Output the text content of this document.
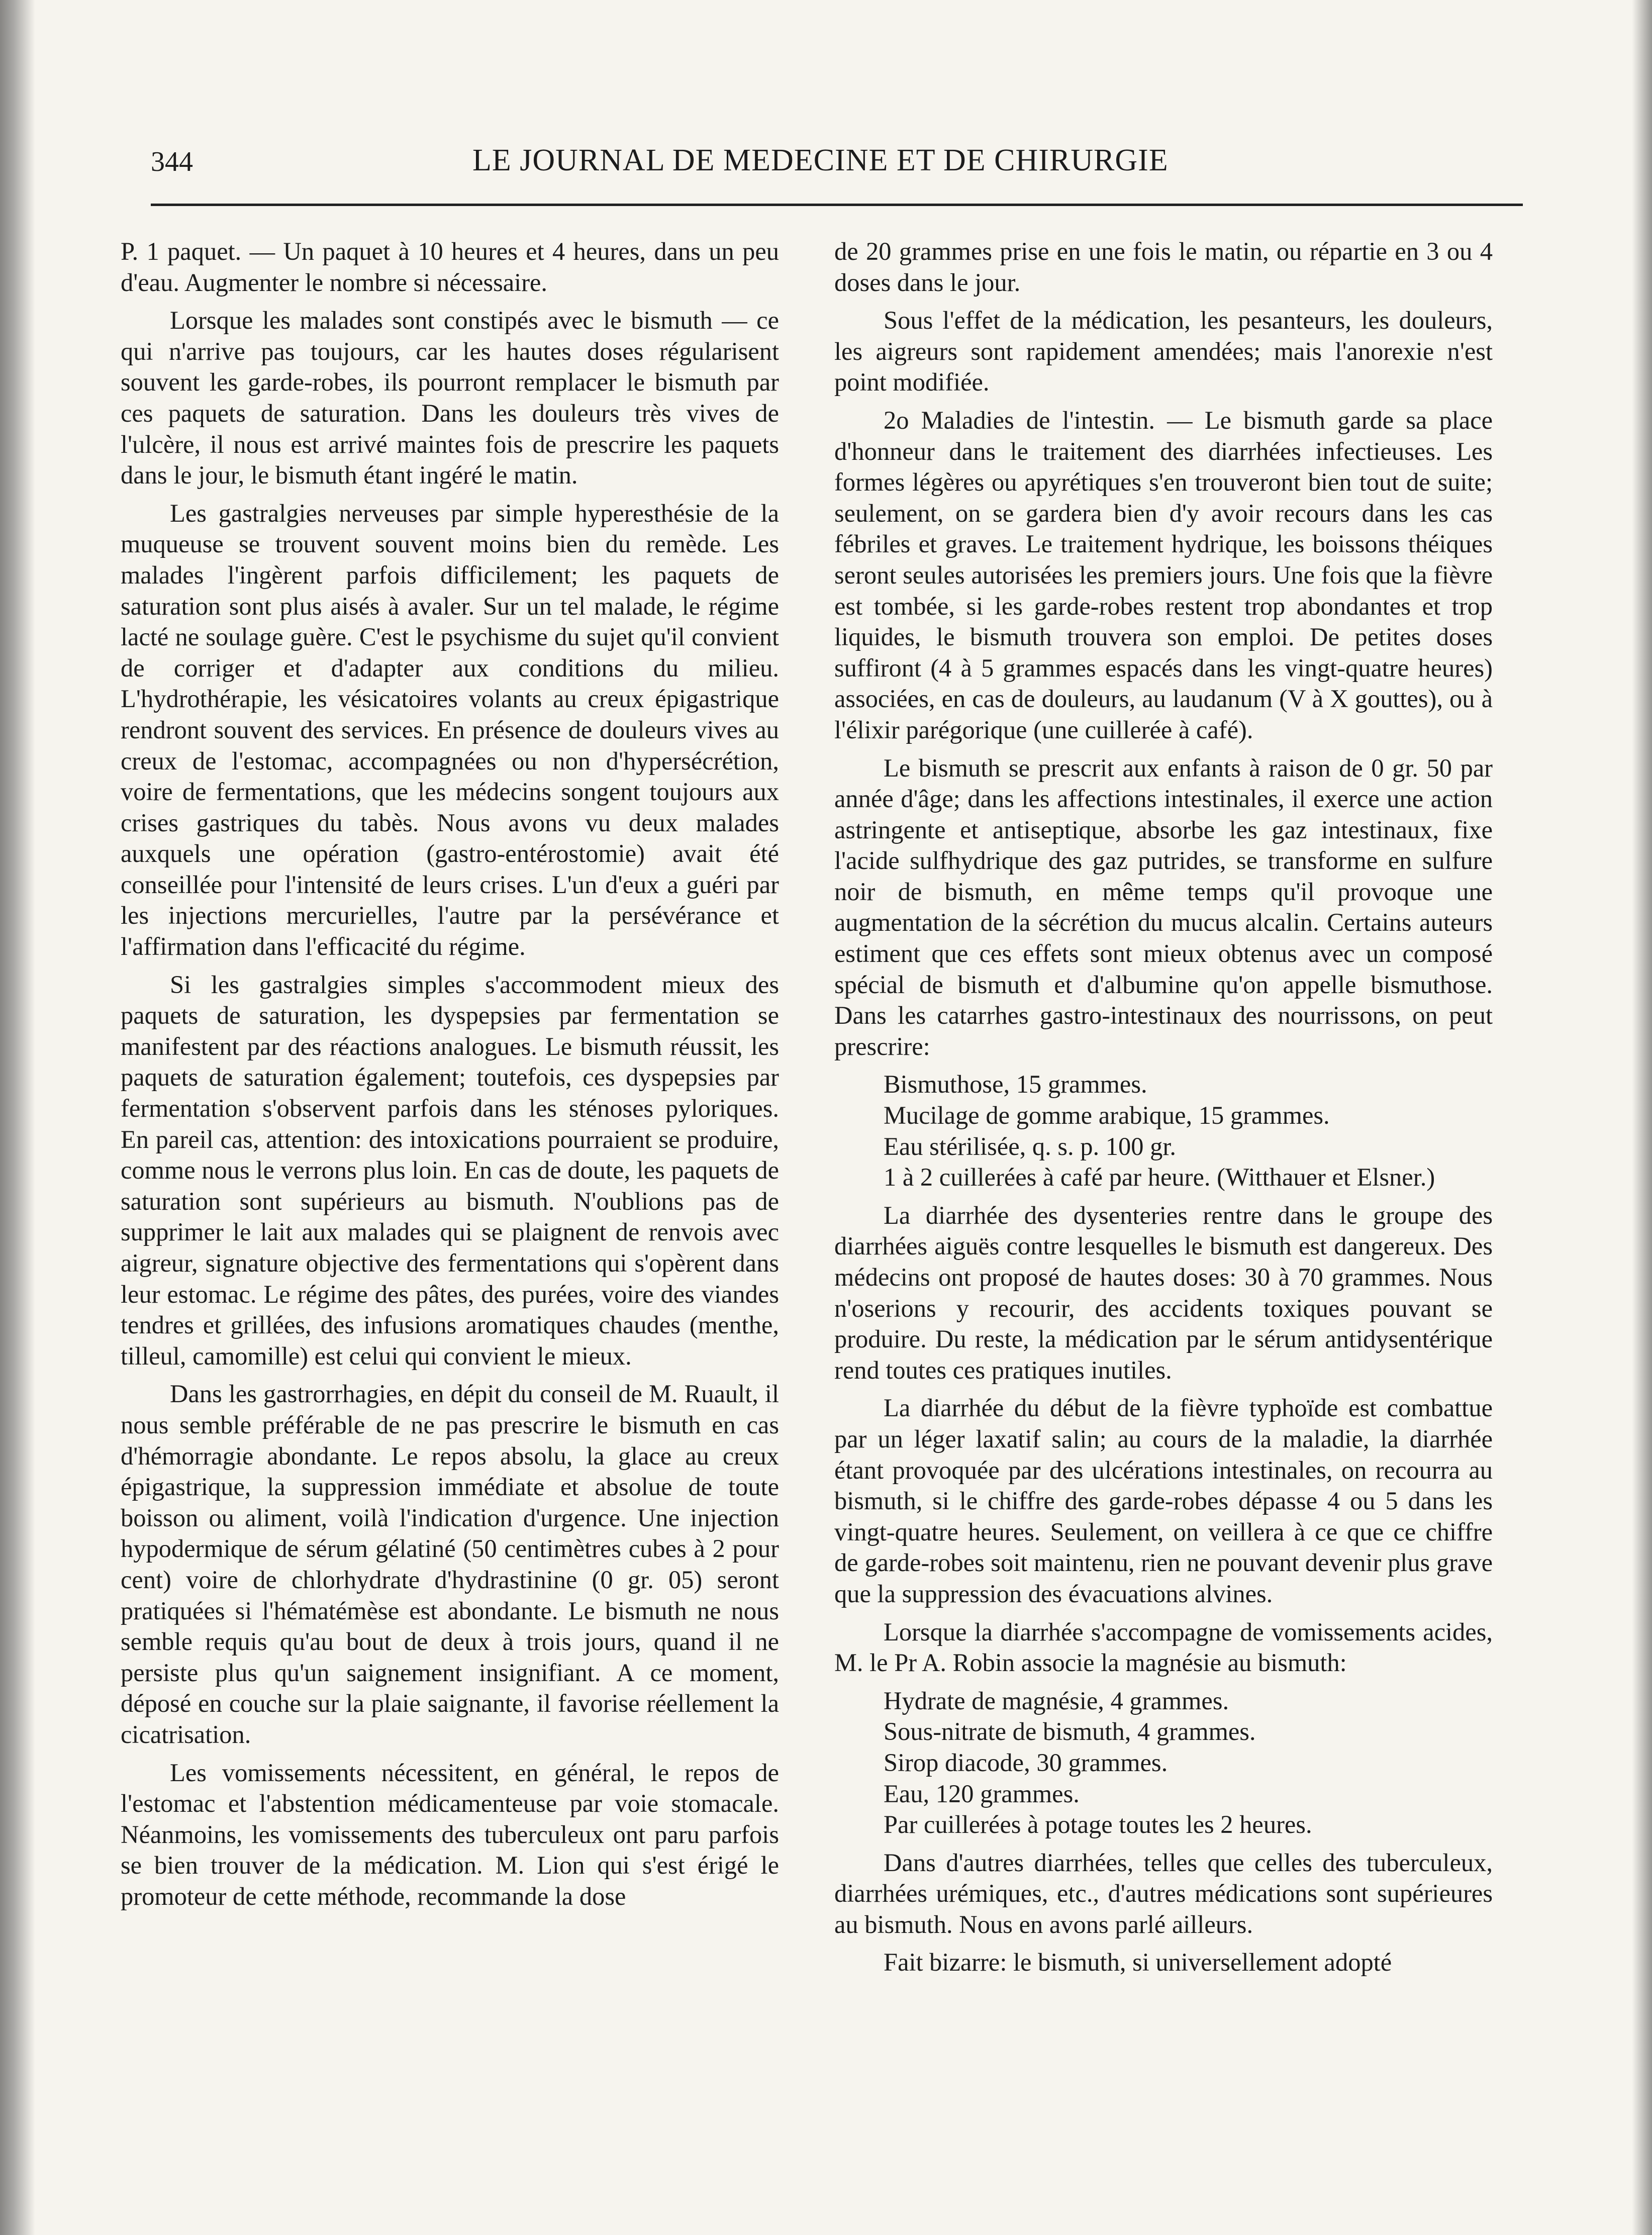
344	LE JOURNAL DE MEDECINE ET DE CHIRURGIE

P. 1 paquet. — Un paquet à 10 heures et 4 heures, dans un peu d'eau. Augmenter le nombre si nécessaire.

Lorsque les malades sont constipés avec le bismuth — ce qui n'arrive pas toujours, car les hautes doses régularisent souvent les garde-robes, ils pourront remplacer le bismuth par ces paquets de saturation. Dans les douleurs très vives de l'ulcère, il nous est arrivé maintes fois de prescrire les paquets dans le jour, le bismuth étant ingéré le matin.

Les gastralgies nerveuses par simple hyperesthésie de la muqueuse se trouvent souvent moins bien du remède. Les malades l'ingèrent parfois difficilement; les paquets de saturation sont plus aisés à avaler. Sur un tel malade, le régime lacté ne soulage guère. C'est le psychisme du sujet qu'il convient de corriger et d'adapter aux conditions du milieu. L'hydrothérapie, les vésicatoires volants au creux épigastrique rendront souvent des services. En présence de douleurs vives au creux de l'estomac, accompagnées ou non d'hypersécrétion, voire de fermentations, que les médecins songent toujours aux crises gastriques du tabès. Nous avons vu deux malades auxquels une opération (gastro-entérostomie) avait été conseillée pour l'intensité de leurs crises. L'un d'eux a guéri par les injections mercurielles, l'autre par la persévérance et l'affirmation dans l'efficacité du régime.

Si les gastralgies simples s'accommodent mieux des paquets de saturation, les dyspepsies par fermentation se manifestent par des réactions analogues. Le bismuth réussit, les paquets de saturation également; toutefois, ces dyspepsies par fermentation s'observent parfois dans les sténoses pyloriques. En pareil cas, attention: des intoxications pourraient se produire, comme nous le verrons plus loin. En cas de doute, les paquets de saturation sont supérieurs au bismuth. N'oublions pas de supprimer le lait aux malades qui se plaignent de renvois avec aigreur, signature objective des fermentations qui s'opèrent dans leur estomac. Le régime des pâtes, des purées, voire des viandes tendres et grillées, des infusions aromatiques chaudes (menthe, tilleul, camomille) est celui qui convient le mieux.

Dans les gastrorrhagies, en dépit du conseil de M. Ruault, il nous semble préférable de ne pas prescrire le bismuth en cas d'hémorragie abondante. Le repos absolu, la glace au creux épigastrique, la suppression immédiate et absolue de toute boisson ou aliment, voilà l'indication d'urgence. Une injection hypodermique de sérum gélatiné (50 centimètres cubes à 2 pour cent) voire de chlorhydrate d'hydrastinine (0 gr. 05) seront pratiquées si l'hématémèse est abondante. Le bismuth ne nous semble requis qu'au bout de deux à trois jours, quand il ne persiste plus qu'un saignement insignifiant. A ce moment, déposé en couche sur la plaie saignante, il favorise réellement la cicatrisation.

Les vomissements nécessitent, en général, le repos de l'estomac et l'abstention médicamenteuse par voie stomacale. Néanmoins, les vomissements des tuberculeux ont paru parfois se bien trouver de la médication. M. Lion qui s'est érigé le promoteur de cette méthode, recommande la dose

de 20 grammes prise en une fois le matin, ou répartie en 3 ou 4 doses dans le jour.

Sous l'effet de la médication, les pesanteurs, les douleurs, les aigreurs sont rapidement amendées; mais l'anorexie n'est point modifiée.

2o Maladies de l'intestin. — Le bismuth garde sa place d'honneur dans le traitement des diarrhées infectieuses. Les formes légères ou apyrétiques s'en trouveront bien tout de suite; seulement, on se gardera bien d'y avoir recours dans les cas fébriles et graves. Le traitement hydrique, les boissons théiques seront seules autorisées les premiers jours. Une fois que la fièvre est tombée, si les garde-robes restent trop abondantes et trop liquides, le bismuth trouvera son emploi. De petites doses suffiront (4 à 5 grammes espacés dans les vingt-quatre heures) associées, en cas de douleurs, au laudanum (V à X gouttes), ou à l'élixir parégorique (une cuillerée à café).

Le bismuth se prescrit aux enfants à raison de 0 gr. 50 par année d'âge; dans les affections intestinales, il exerce une action astringente et antiseptique, absorbe les gaz intestinaux, fixe l'acide sulfhydrique des gaz putrides, se transforme en sulfure noir de bismuth, en même temps qu'il provoque une augmentation de la sécrétion du mucus alcalin. Certains auteurs estiment que ces effets sont mieux obtenus avec un composé spécial de bismuth et d'albumine qu'on appelle bismuthose. Dans les catarrhes gastro-intestinaux des nourrissons, on peut prescrire:

Bismuthose, 15 grammes.

Mucilage de gomme arabique, 15 grammes.

Eau stérilisée, q. s. p. 100 gr.

1 à 2 cuillerées à café par heure. (Witthauer et Elsner.)

La diarrhée des dysenteries rentre dans le groupe des diarrhées aiguës contre lesquelles le bismuth est dangereux. Des médecins ont proposé de hautes doses: 30 à 70 grammes. Nous n'oserions y recourir, des accidents toxiques pouvant se produire. Du reste, la médication par le sérum antidysentérique rend toutes ces pratiques inutiles.

La diarrhée du début de la fièvre typhoïde est combattue par un léger laxatif salin; au cours de la maladie, la diarrhée étant provoquée par des ulcérations intestinales, on recourra au bismuth, si le chiffre des garde-robes dépasse 4 ou 5 dans les vingt-quatre heures. Seulement, on veillera à ce que ce chiffre de garde-robes soit maintenu, rien ne pouvant devenir plus grave que la suppression des évacuations alvines.

Lorsque la diarrhée s'accompagne de vomissements acides, M. le Pr A. Robin associe la magnésie au bismuth:

Hydrate de magnésie, 4 grammes.

Sous-nitrate de bismuth, 4 grammes.

Sirop diacode, 30 grammes.

Eau, 120 grammes.

Par cuillerées à potage toutes les 2 heures.

Dans d'autres diarrhées, telles que celles des tuberculeux, diarrhées urémiques, etc., d'autres médications sont supérieures au bismuth. Nous en avons parlé ailleurs.

Fait bizarre: le bismuth, si universellement adopté
